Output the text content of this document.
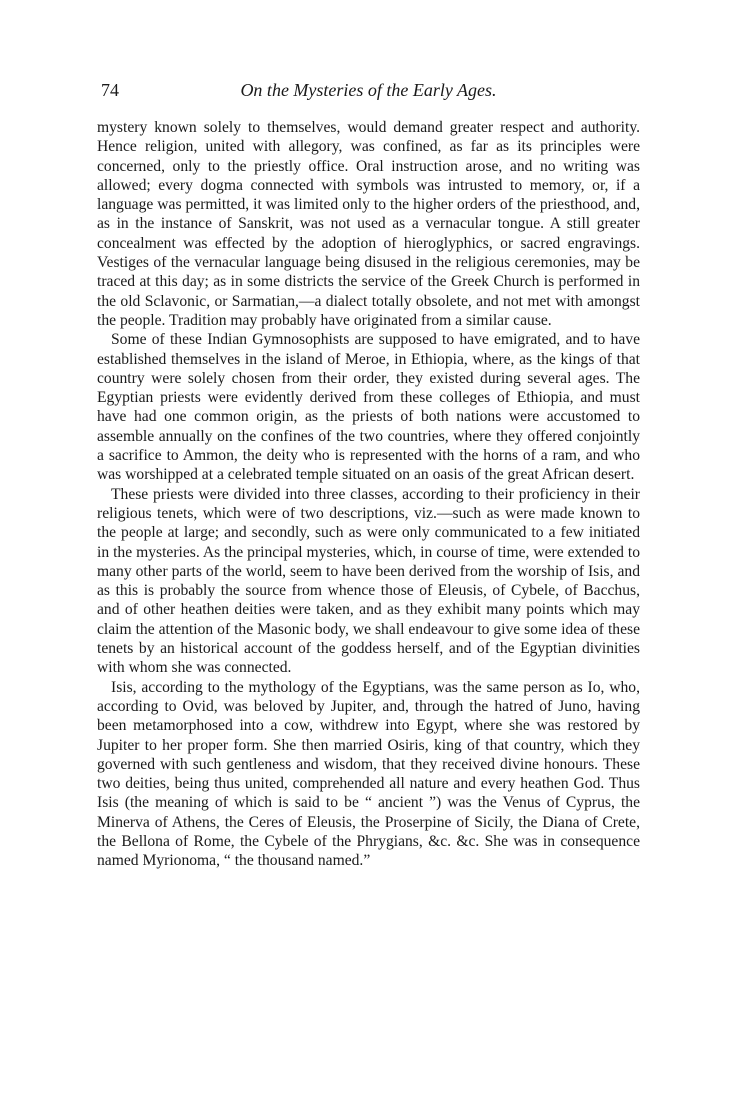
74	On the Mysteries of the Early Ages.

mystery known solely to themselves, would demand greater respect and authority. Hence religion, united with allegory, was confined, as far as its principles were concerned, only to the priestly office. Oral instruction arose, and no writing was allowed; every dogma connected with symbols was intrusted to memory, or, if a language was permitted, it was limited only to the higher orders of the priesthood, and, as in the instance of Sanskrit, was not used as a vernacular tongue. A still greater concealment was effected by the adoption of hieroglyphics, or sacred engravings. Vestiges of the vernacular language being disused in the religious ceremonies, may be traced at this day; as in some districts the service of the Greek Church is performed in the old Sclavonic, or Sarmatian,—a dialect totally obsolete, and not met with amongst the people. Tradition may probably have originated from a similar cause.

Some of these Indian Gymnosophists are supposed to have emigrated, and to have established themselves in the island of Meroe, in Ethiopia, where, as the kings of that country were solely chosen from their order, they existed during several ages. The Egyptian priests were evidently derived from these colleges of Ethiopia, and must have had one common origin, as the priests of both nations were accustomed to assemble annually on the confines of the two countries, where they offered conjointly a sacrifice to Ammon, the deity who is represented with the horns of a ram, and who was worshipped at a celebrated temple situated on an oasis of the great African desert.

These priests were divided into three classes, according to their proficiency in their religious tenets, which were of two descriptions, viz.—such as were made known to the people at large; and secondly, such as were only communicated to a few initiated in the mysteries. As the principal mysteries, which, in course of time, were extended to many other parts of the world, seem to have been derived from the worship of Isis, and as this is probably the source from whence those of Eleusis, of Cybele, of Bacchus, and of other heathen deities were taken, and as they exhibit many points which may claim the attention of the Masonic body, we shall endeavour to give some idea of these tenets by an historical account of the goddess herself, and of the Egyptian divinities with whom she was connected.

Isis, according to the mythology of the Egyptians, was the same person as Io, who, according to Ovid, was beloved by Jupiter, and, through the hatred of Juno, having been metamorphosed into a cow, withdrew into Egypt, where she was restored by Jupiter to her proper form. She then married Osiris, king of that country, which they governed with such gentleness and wisdom, that they received divine honours. These two deities, being thus united, comprehended all nature and every heathen God. Thus Isis (the meaning of which is said to be “ ancient ”) was the Venus of Cyprus, the Minerva of Athens, the Ceres of Eleusis, the Proserpine of Sicily, the Diana of Crete, the Bellona of Rome, the Cybele of the Phrygians, &c. &c. She was in consequence named Myrionoma, “ the thousand named.”
